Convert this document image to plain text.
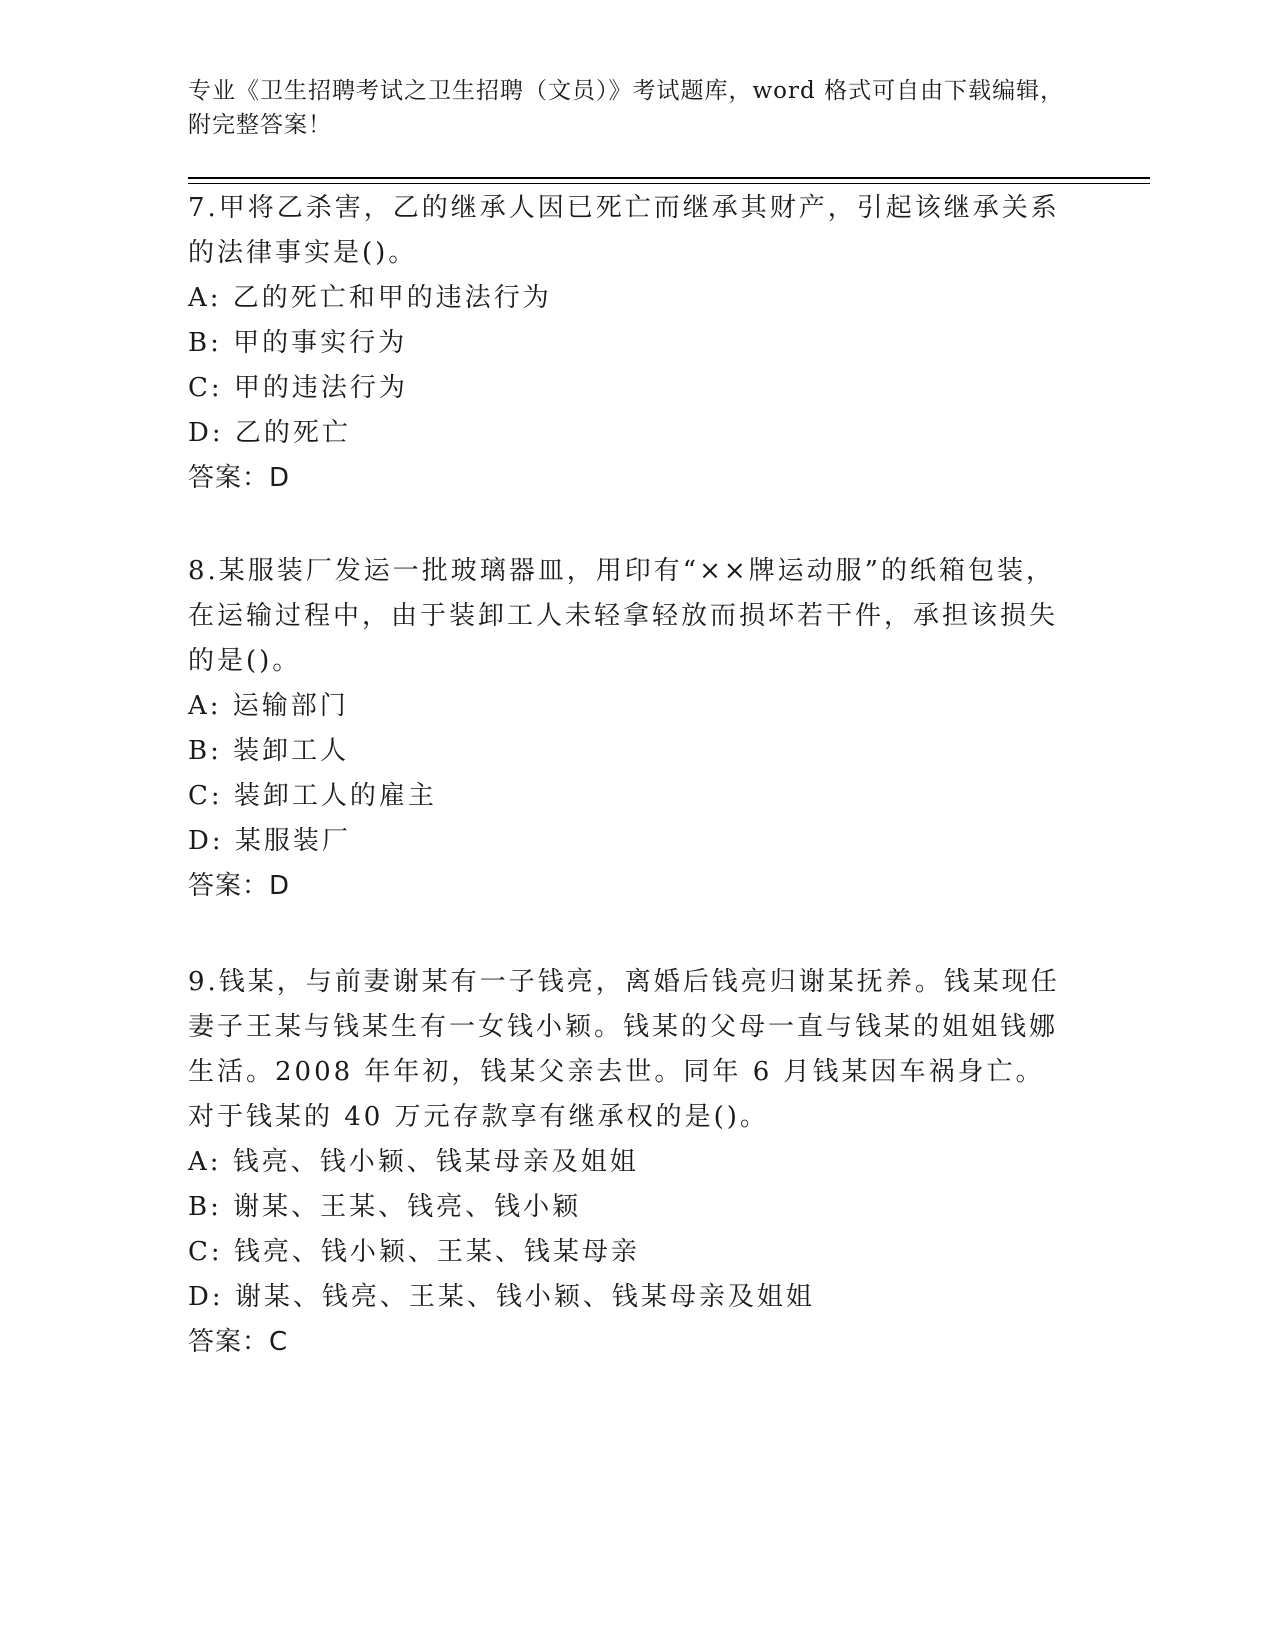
专业《卫生招聘考试之卫生招聘（文员）》考试题库，word 格式可自由下载编辑，附完整答案！
7.甲将乙杀害，乙的继承人因已死亡而继承其财产，引起该继承关系的法律事实是()。
A: 乙的死亡和甲的违法行为
B: 甲的事实行为
C: 甲的违法行为
D: 乙的死亡
答案：D
8.某服装厂发运一批玻璃器皿，用印有“××牌运动服”的纸箱包装，在运输过程中，由于装卸工人未轻拿轻放而损坏若干件，承担该损失的是()。
A: 运输部门
B: 装卸工人
C: 装卸工人的雇主
D: 某服装厂
答案：D
9.钱某，与前妻谢某有一子钱亮，离婚后钱亮归谢某抚养。钱某现任妻子王某与钱某生有一女钱小颖。钱某的父母一直与钱某的姐姐钱娜生活。2008 年年初，钱某父亲去世。同年 6 月钱某因车祸身亡。对于钱某的 40 万元存款享有继承权的是()。
A: 钱亮、钱小颖、钱某母亲及姐姐
B: 谢某、王某、钱亮、钱小颖
C: 钱亮、钱小颖、王某、钱某母亲
D: 谢某、钱亮、王某、钱小颖、钱某母亲及姐姐
答案：C
